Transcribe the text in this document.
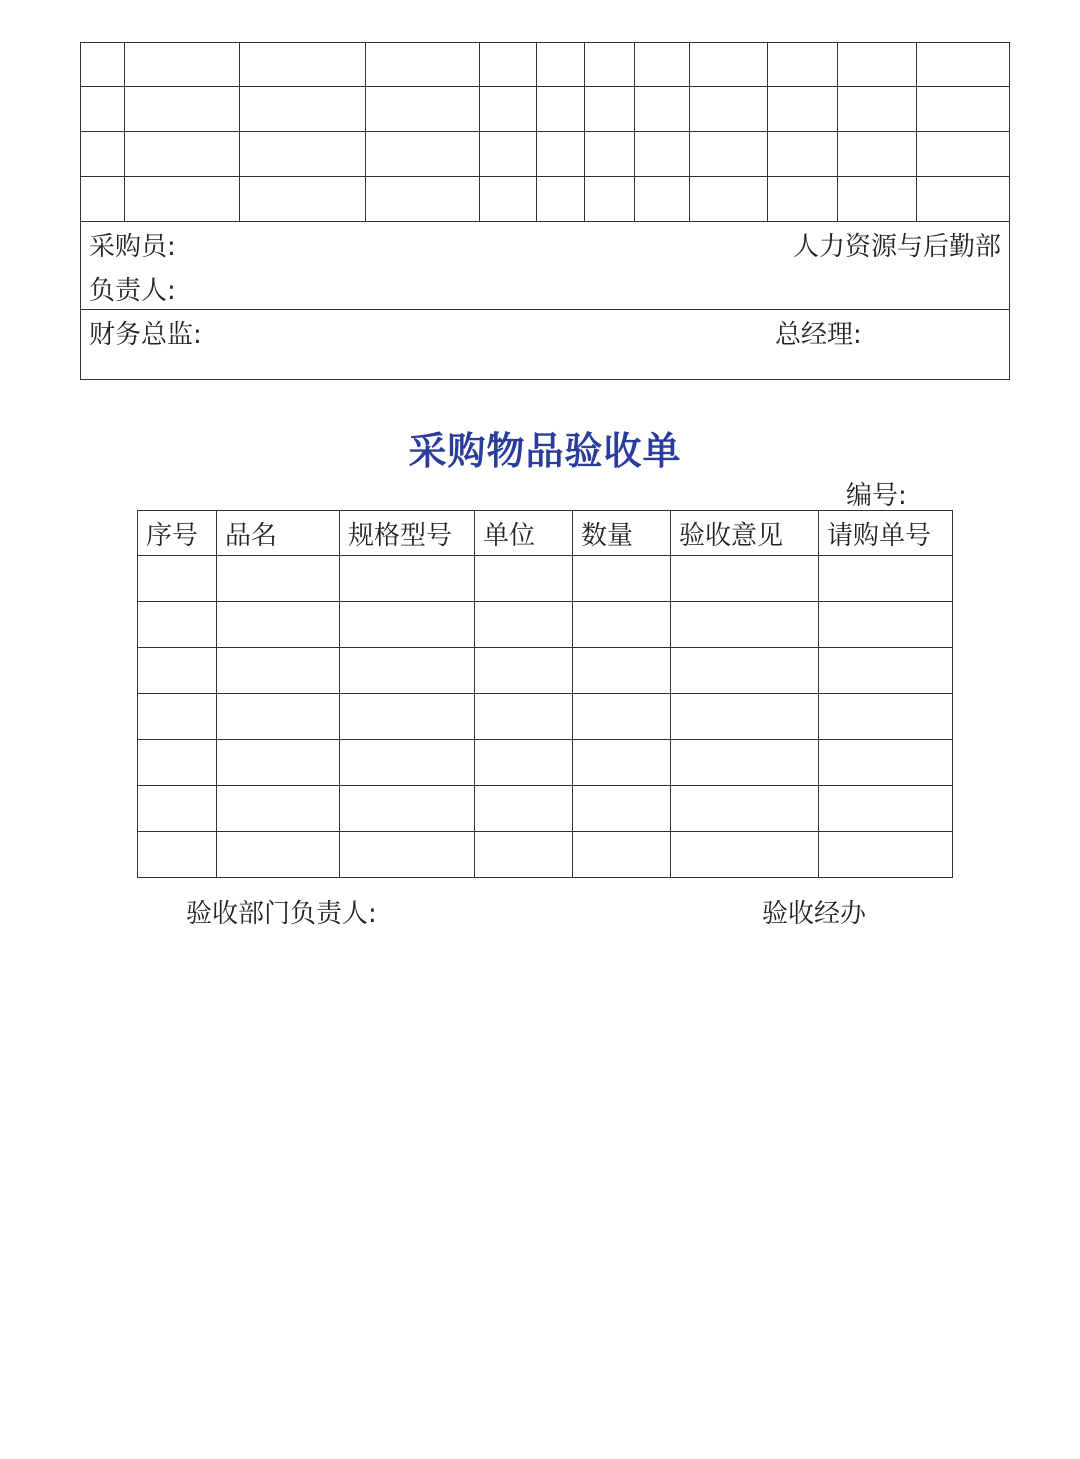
采购员:	人力资源与后勤部
负责人:
财务总监:	总经理:
采购物品验收单
编号:
序号	品名	规格型号	单位	数量	验收意见	请购单号

验收部门负责人:	验收经办
